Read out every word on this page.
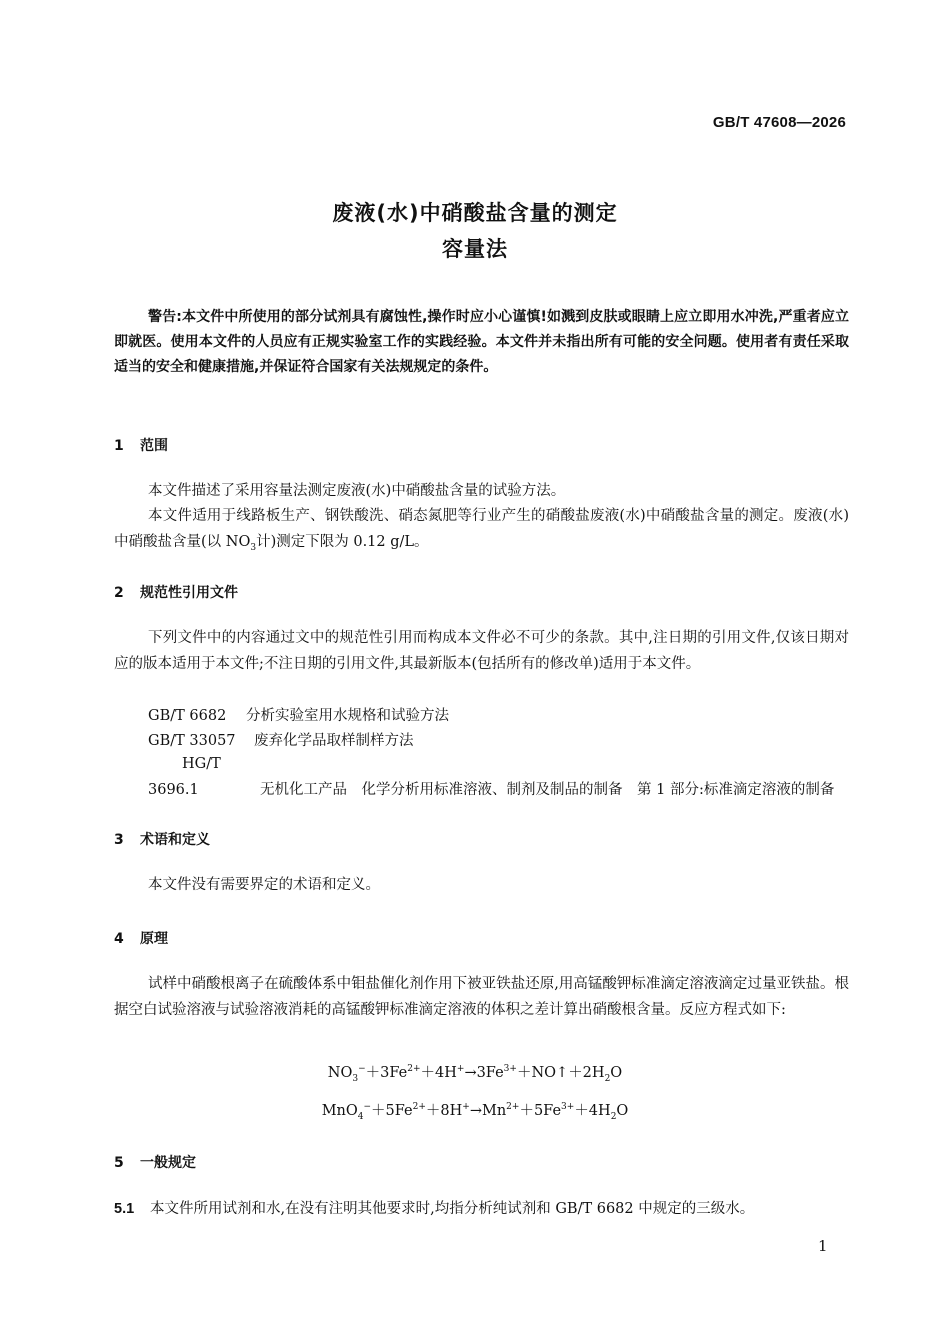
GB/T 47608—2026
废液(水)中硝酸盐含量的测定
容量法
警告:本文件中所使用的部分试剂具有腐蚀性,操作时应小心谨慎!如溅到皮肤或眼睛上应立即用水冲洗,严重者应立即就医。使用本文件的人员应有正规实验室工作的实践经验。本文件并未指出所有可能的安全问题。使用者有责任采取适当的安全和健康措施,并保证符合国家有关法规规定的条件。
1 范围
本文件描述了采用容量法测定废液(水)中硝酸盐含量的试验方法。
本文件适用于线路板生产、钢铁酸洗、硝态氮肥等行业产生的硝酸盐废液(水)中硝酸盐含量的测定。废液(水)中硝酸盐含量(以 $NO_3$计)测定下限为 0.12 g/L。
2 规范性引用文件
下列文件中的内容通过文中的规范性引用而构成本文件必不可少的条款。其中,注日期的引用文件,仅该日期对应的版本适用于本文件;不注日期的引用文件,其最新版本(包括所有的修改单)适用于本文件。
GB/T 6682 分析实验室用水规格和试验方法
GB/T 33057 废弃化学品取样制样方法
HG/T 3696.1	无机化工产品　化学分析用标准溶液、制剂及制品的制备　第 1 部分:标准滴定溶液的制备
3 术语和定义
本文件没有需要界定的术语和定义。
4 原理
试样中硝酸根离子在硫酸体系中钼盐催化剂作用下被亚铁盐还原,用高锰酸钾标准滴定溶液滴定过量亚铁盐。根据空白试验溶液与试验溶液消耗的高锰酸钾标准滴定溶液的体积之差计算出硝酸根含量。反应方程式如下:
$NO_3^-+3Fe^{2+}+4H^+\to 3Fe^{3+}+NO↑+2H_2O$
$MnO_4^-+5Fe^{2+}+8H^+\to Mn^{2+}+5Fe^{3+}+4H_2O$
5 一般规定
5.1 本文件所用试剂和水,在没有注明其他要求时,均指分析纯试剂和 GB/T 6682 中规定的三级水。
1
